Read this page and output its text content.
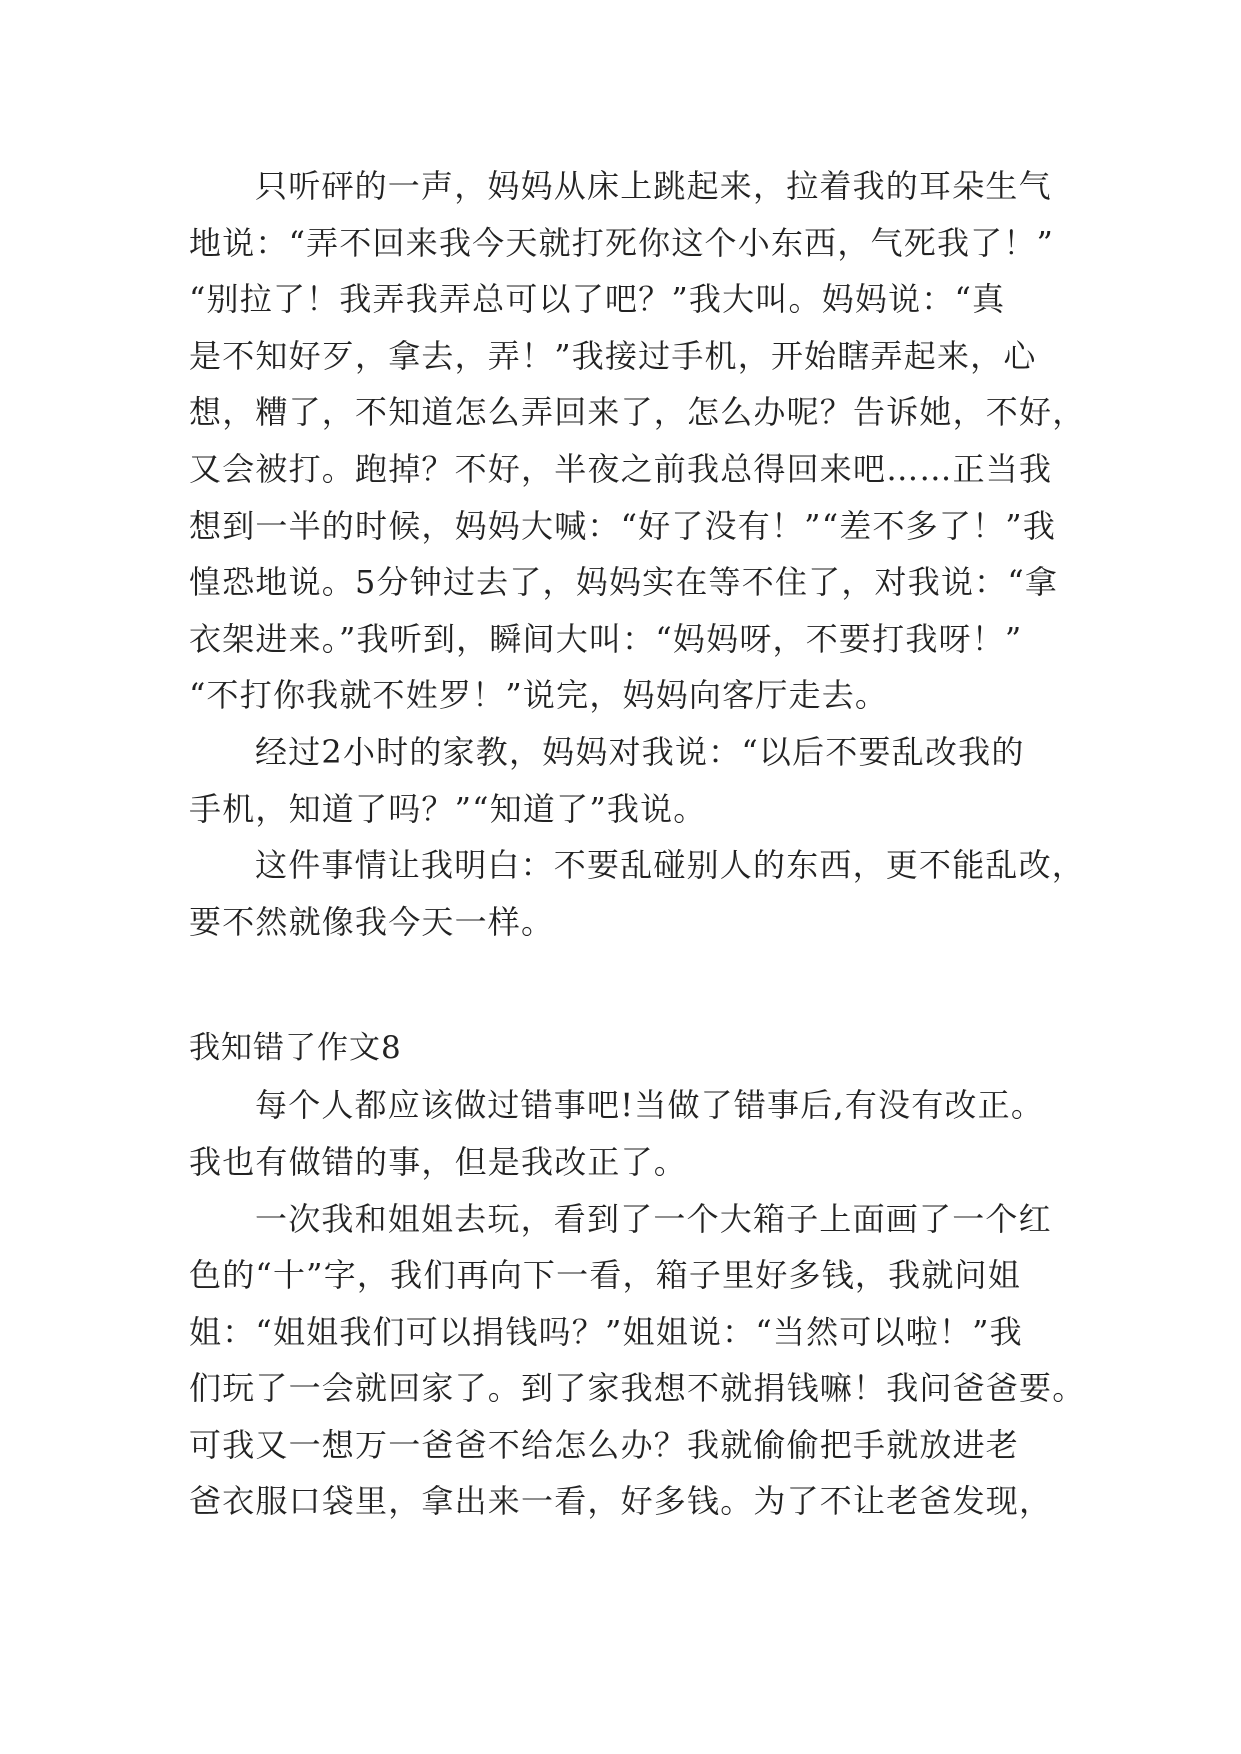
只听砰的一声，妈妈从床上跳起来，拉着我的耳朵生气
地说：“弄不回来我今天就打死你这个小东西，气死我了！”
“别拉了！我弄我弄总可以了吧？”我大叫。妈妈说：“真
是不知好歹，拿去，弄！”我接过手机，开始瞎弄起来，心
想，糟了，不知道怎么弄回来了，怎么办呢？告诉她，不好，
又会被打。跑掉？不好，半夜之前我总得回来吧……正当我
想到一半的时候，妈妈大喊：“好了没有！”“差不多了！”我
惶恐地说。5分钟过去了，妈妈实在等不住了，对我说：“拿
衣架进来。”我听到，瞬间大叫：“妈妈呀，不要打我呀！”
“不打你我就不姓罗！”说完，妈妈向客厅走去。
经过2小时的家教，妈妈对我说：“以后不要乱改我的
手机，知道了吗？”“知道了”我说。
这件事情让我明白：不要乱碰别人的东西，更不能乱改，
要不然就像我今天一样。
我知错了作文8
每个人都应该做过错事吧!当做了错事后,有没有改正。
我也有做错的事，但是我改正了。
一次我和姐姐去玩，看到了一个大箱子上面画了一个红
色的“十”字，我们再向下一看，箱子里好多钱，我就问姐
姐：“姐姐我们可以捐钱吗？”姐姐说：“当然可以啦！”我
们玩了一会就回家了。到了家我想不就捐钱嘛！我问爸爸要。
可我又一想万一爸爸不给怎么办？我就偷偷把手就放进老
爸衣服口袋里，拿出来一看，好多钱。为了不让老爸发现，
